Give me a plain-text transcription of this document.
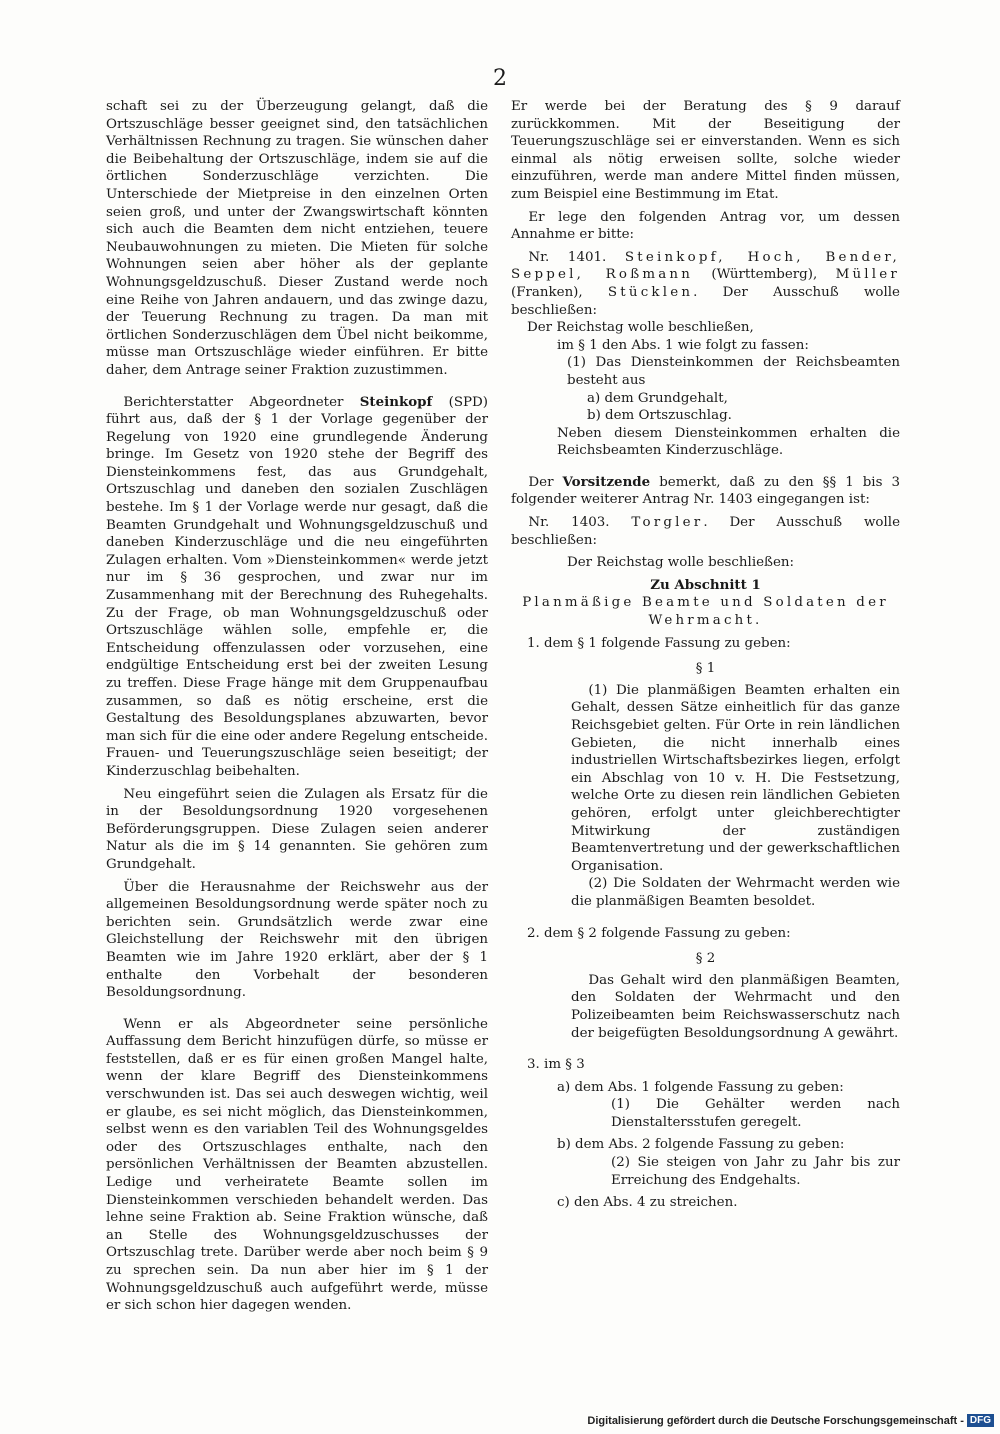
2

schaft sei zu der Überzeugung gelangt, daß die Ortszuschläge besser geeignet sind, den tatsächlichen Verhältnissen Rechnung zu tragen. Sie wünschen daher die Beibehaltung der Ortszuschläge, indem sie auf die örtlichen Sonderzuschläge verzichten. Die Unterschiede der Mietpreise in den einzelnen Orten seien groß, und unter der Zwangswirtschaft könnten sich auch die Beamten dem nicht entziehen, teuere Neubauwohnungen zu mieten. Die Mieten für solche Wohnungen seien aber höher als der geplante Wohnungsgeldzuschuß. Dieser Zustand werde noch eine Reihe von Jahren andauern, und das zwinge dazu, der Teuerung Rechnung zu tragen. Da man mit örtlichen Sonderzuschlägen dem Übel nicht beikomme, müsse man Ortszuschläge wieder einführen. Er bitte daher, dem Antrage seiner Fraktion zuzustimmen.

Berichterstatter Abgeordneter Steinkopf (SPD) führt aus, daß der § 1 der Vorlage gegenüber der Regelung von 1920 eine grundlegende Änderung bringe. Im Gesetz von 1920 stehe der Begriff des Diensteinkommens fest, das aus Grundgehalt, Ortszuschlag und daneben den sozialen Zuschlägen bestehe. Im § 1 der Vorlage werde nur gesagt, daß die Beamten Grundgehalt und Wohnungsgeldzuschuß und daneben Kinderzuschläge und die neu eingeführten Zulagen erhalten. Vom »Diensteinkommen« werde jetzt nur im § 36 gesprochen, und zwar nur im Zusammenhang mit der Berechnung des Ruhegehalts. Zu der Frage, ob man Wohnungsgeldzuschuß oder Ortszuschläge wählen solle, empfehle er, die Entscheidung offenzulassen oder vorzusehen, eine endgültige Entscheidung erst bei der zweiten Lesung zu treffen. Diese Frage hänge mit dem Gruppenaufbau zusammen, so daß es nötig erscheine, erst die Gestaltung des Besoldungsplanes abzuwarten, bevor man sich für die eine oder andere Regelung entscheide. Frauen- und Teuerungszuschläge seien beseitigt; der Kinderzuschlag beibehalten.

Neu eingeführt seien die Zulagen als Ersatz für die in der Besoldungsordnung 1920 vorgesehenen Beförderungsgruppen. Diese Zulagen seien anderer Natur als die im § 14 genannten. Sie gehören zum Grundgehalt.

Über die Herausnahme der Reichswehr aus der allgemeinen Besoldungsordnung werde später noch zu berichten sein. Grundsätzlich werde zwar eine Gleichstellung der Reichswehr mit den übrigen Beamten wie im Jahre 1920 erklärt, aber der § 1 enthalte den Vorbehalt der besonderen Besoldungsordnung.

Wenn er als Abgeordneter seine persönliche Auffassung dem Bericht hinzufügen dürfe, so müsse er feststellen, daß er es für einen großen Mangel halte, wenn der klare Begriff des Diensteinkommens verschwunden ist. Das sei auch deswegen wichtig, weil er glaube, es sei nicht möglich, das Diensteinkommen, selbst wenn es den variablen Teil des Wohnungsgeldes oder des Ortszuschlages enthalte, nach den persönlichen Verhältnissen der Beamten abzustellen. Ledige und verheiratete Beamte sollen im Diensteinkommen verschieden behandelt werden. Das lehne seine Fraktion ab. Seine Fraktion wünsche, daß an Stelle des Wohnungsgeldzuschusses der Ortszuschlag trete. Darüber werde aber noch beim § 9 zu sprechen sein. Da nun aber hier im § 1 der Wohnungsgeldzuschuß auch aufgeführt werde, müsse er sich schon hier dagegen wenden.

Er werde bei der Beratung des § 9 darauf zurückkommen. Mit der Beseitigung der Teuerungszuschläge sei er einverstanden. Wenn es sich einmal als nötig erweisen sollte, solche wieder einzuführen, werde man andere Mittel finden müssen, zum Beispiel eine Bestimmung im Etat.

Er lege den folgenden Antrag vor, um dessen Annahme er bitte:

Nr. 1401. Steinkopf, Hoch, Bender, Seppel, Roßmann (Württemberg), Müller (Franken), Stücklen. Der Ausschuß wolle beschließen:

Der Reichstag wolle beschließen,

im § 1 den Abs. 1 wie folgt zu fassen:

(1) Das Diensteinkommen der Reichsbeamten besteht aus

a) dem Grundgehalt,

b) dem Ortszuschlag.

Neben diesem Diensteinkommen erhalten die Reichsbeamten Kinderzuschläge.

Der Vorsitzende bemerkt, daß zu den §§ 1 bis 3 folgender weiterer Antrag Nr. 1403 eingegangen ist:

Nr. 1403. Torgler. Der Ausschuß wolle beschließen:

Der Reichstag wolle beschließen:

Zu Abschnitt 1

Planmäßige Beamte und Soldaten der Wehrmacht.

1. dem § 1 folgende Fassung zu geben:

§ 1

(1) Die planmäßigen Beamten erhalten ein Gehalt, dessen Sätze einheitlich für das ganze Reichsgebiet gelten. Für Orte in rein ländlichen Gebieten, die nicht innerhalb eines industriellen Wirtschaftsbezirkes liegen, erfolgt ein Abschlag von 10 v. H. Die Festsetzung, welche Orte zu diesen rein ländlichen Gebieten gehören, erfolgt unter gleichberechtigter Mitwirkung der zuständigen Beamtenvertretung und der gewerkschaftlichen Organisation.

(2) Die Soldaten der Wehrmacht werden wie die planmäßigen Beamten besoldet.

2. dem § 2 folgende Fassung zu geben:

§ 2

Das Gehalt wird den planmäßigen Beamten, den Soldaten der Wehrmacht und den Polizeibeamten beim Reichswasserschutz nach der beigefügten Besoldungsordnung A gewährt.

3. im § 3

a) dem Abs. 1 folgende Fassung zu geben:

(1) Die Gehälter werden nach Dienstaltersstufen geregelt.

b) dem Abs. 2 folgende Fassung zu geben:

(2) Sie steigen von Jahr zu Jahr bis zur Erreichung des Endgehalts.

c) den Abs. 4 zu streichen.

Digitalisierung gefördert durch die Deutsche Forschungsgemeinschaft - DFG
